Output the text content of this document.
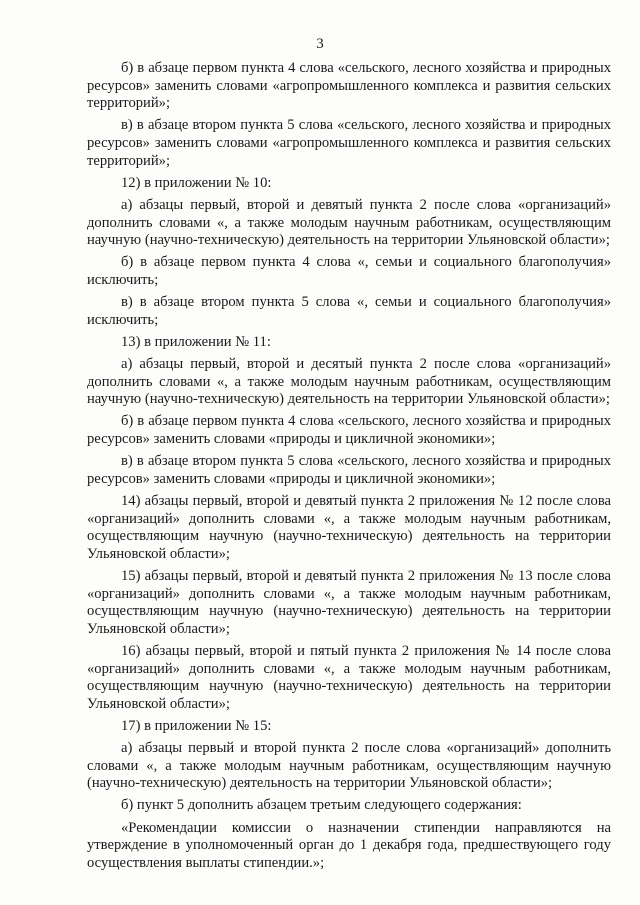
3

б) в абзаце первом пункта 4 слова «сельского, лесного хозяйства и природных ресурсов» заменить словами «агропромышленного комплекса и развития сельских территорий»;

в) в абзаце втором пункта 5 слова «сельского, лесного хозяйства и природных ресурсов» заменить словами «агропромышленного комплекса и развития сельских территорий»;

12) в приложении № 10:

а) абзацы первый, второй и девятый пункта 2 после слова «организаций» дополнить словами «, а также молодым научным работникам, осуществляющим научную (научно-техническую) деятельность на территории Ульяновской области»;

б) в абзаце первом пункта 4 слова «, семьи и социального благополучия» исключить;

в) в абзаце втором пункта 5 слова «, семьи и социального благополучия» исключить;

13) в приложении № 11:

а) абзацы первый, второй и десятый пункта 2 после слова «организаций» дополнить словами «, а также молодым научным работникам, осуществляющим научную (научно-техническую) деятельность на территории Ульяновской области»;

б) в абзаце первом пункта 4 слова «сельского, лесного хозяйства и природных ресурсов» заменить словами «природы и цикличной экономики»;

в) в абзаце втором пункта 5 слова «сельского, лесного хозяйства и природных ресурсов» заменить словами «природы и цикличной экономики»;

14) абзацы первый, второй и девятый пункта 2 приложения № 12 после слова «организаций» дополнить словами «, а также молодым научным работникам, осуществляющим научную (научно-техническую) деятельность на территории Ульяновской области»;

15) абзацы первый, второй и девятый пункта 2 приложения № 13 после слова «организаций» дополнить словами «, а также молодым научным работникам, осуществляющим научную (научно-техническую) деятельность на территории Ульяновской области»;

16) абзацы первый, второй и пятый пункта 2 приложения № 14 после слова «организаций» дополнить словами «, а также молодым научным работникам, осуществляющим научную (научно-техническую) деятельность на территории Ульяновской области»;

17) в приложении № 15:

а) абзацы первый и второй пункта 2 после слова «организаций» дополнить словами «, а также молодым научным работникам, осуществляющим научную (научно-техническую) деятельность на территории Ульяновской области»;

б) пункт 5 дополнить абзацем третьим следующего содержания:

«Рекомендации комиссии о назначении стипендии направляются на утверждение в уполномоченный орган до 1 декабря года, предшествующего году осуществления выплаты стипендии.»;
